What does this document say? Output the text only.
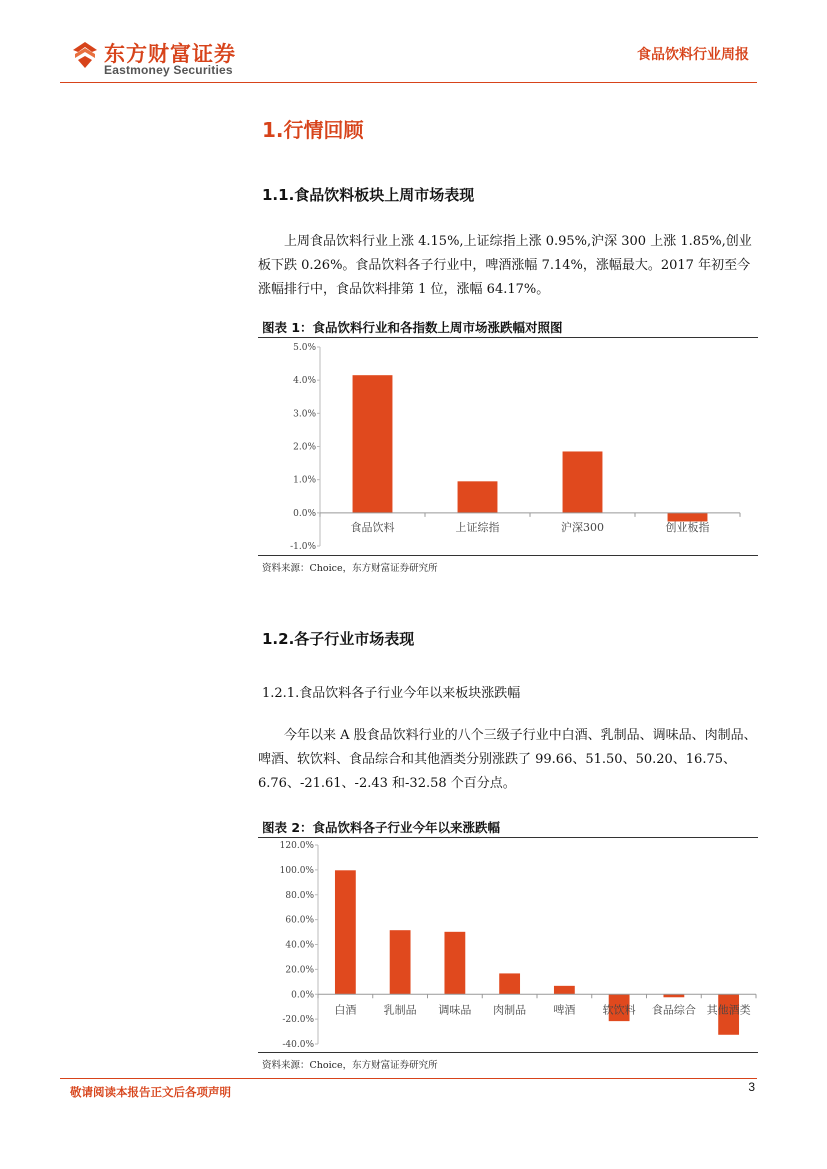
东方财富证券
Eastmoney Securities
食品饮料行业周报
1.行情回顾
1.1.食品饮料板块上周市场表现

上周食品饮料行业上涨 4.15%,上证综指上涨 0.95%,沪深 300 上涨 1.85%,创业板下跌 0.26%。食品饮料各子行业中，啤酒涨幅 7.14%，涨幅最大。2017 年初至今涨幅排行中，食品饮料排第 1 位，涨幅 64.17%。

图表 1：食品饮料行业和各指数上周市场涨跌幅对照图
-1.0%
0.0%
1.0%
2.0%
3.0%
4.0%
5.0%
食品饮料	上证综指	沪深300	创业板指
资料来源：Choice，东方财富证券研究所
1.2.各子行业市场表现
1.2.1.食品饮料各子行业今年以来板块涨跌幅

今年以来 A 股食品饮料行业的八个三级子行业中白酒、乳制品、调味品、肉制品、啤酒、软饮料、食品综合和其他酒类分别涨跌了 99.66、51.50、50.20、16.75、6.76、-21.61、-2.43 和-32.58 个百分点。

图表 2：食品饮料各子行业今年以来涨跌幅
-40.0%
-20.0%
0.0%
20.0%
40.0%
60.0%
80.0%
100.0%
120.0%
白酒 乳制品 调味品 肉制品 啤酒 软饮料 食品综合 其他酒类
资料来源：Choice，东方财富证券研究所
敬请阅读本报告正文后各项声明	3
